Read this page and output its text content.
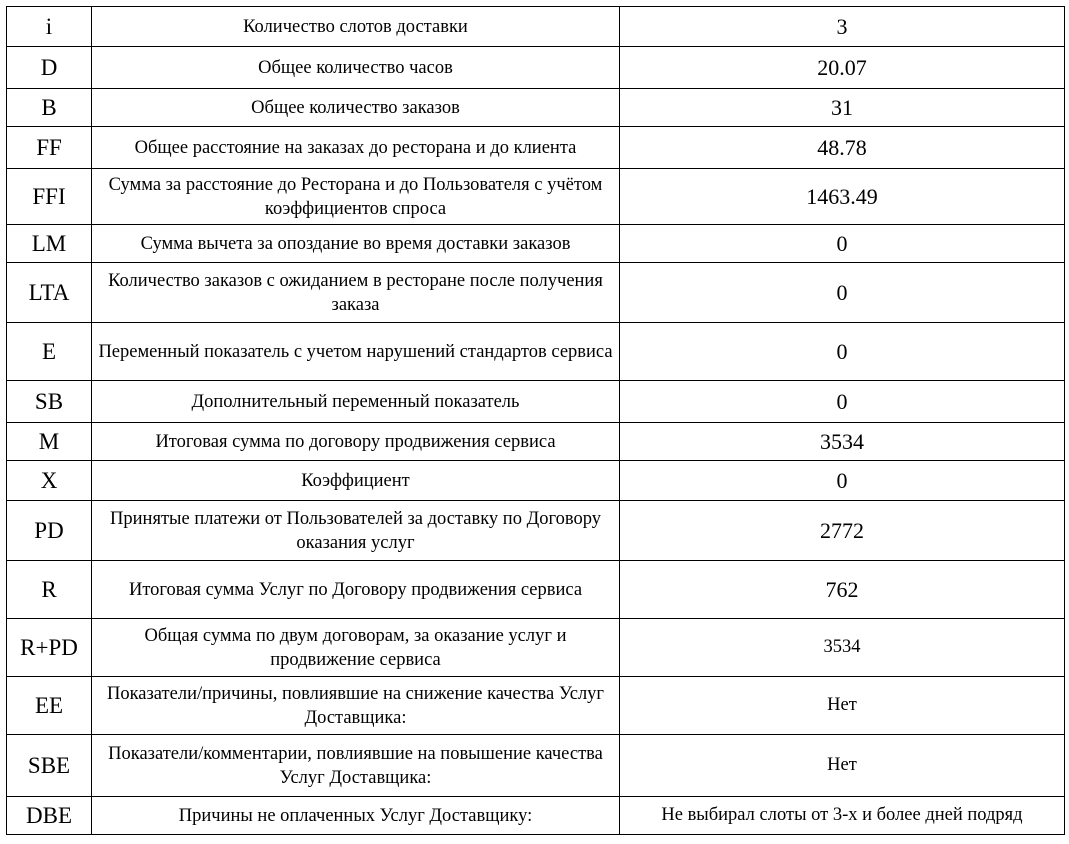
i	Количество слотов доставки	3
D	Общее количество часов	20.07
B	Общее количество заказов	31
FF	Общее расстояние на заказах до ресторана и до клиента	48.78
FFI	Сумма за расстояние до Ресторана и до Пользователя с учётом коэффициентов спроса	1463.49
LM	Сумма вычета за опоздание во время доставки заказов	0
LTA	Количество заказов с ожиданием в ресторане после получения заказа	0
E	Переменный показатель с учетом нарушений стандартов сервиса	0
SB	Дополнительный переменный показатель	0
M	Итоговая сумма по договору продвижения сервиса	3534
X	Коэффициент	0
PD	Принятые платежи от Пользователей за доставку по Договору оказания услуг	2772
R	Итоговая сумма Услуг по Договору продвижения сервиса	762
R+PD	Общая сумма по двум договорам, за оказание услуг и продвижение сервиса	3534
EE	Показатели/причины, повлиявшие на снижение качества Услуг Доставщика:	Нет
SBE	Показатели/комментарии, повлиявшие на повышение качества Услуг Доставщика:	Нет
DBE	Причины не оплаченных Услуг Доставщику:	Не выбирал слоты от 3-х и более дней подряд
